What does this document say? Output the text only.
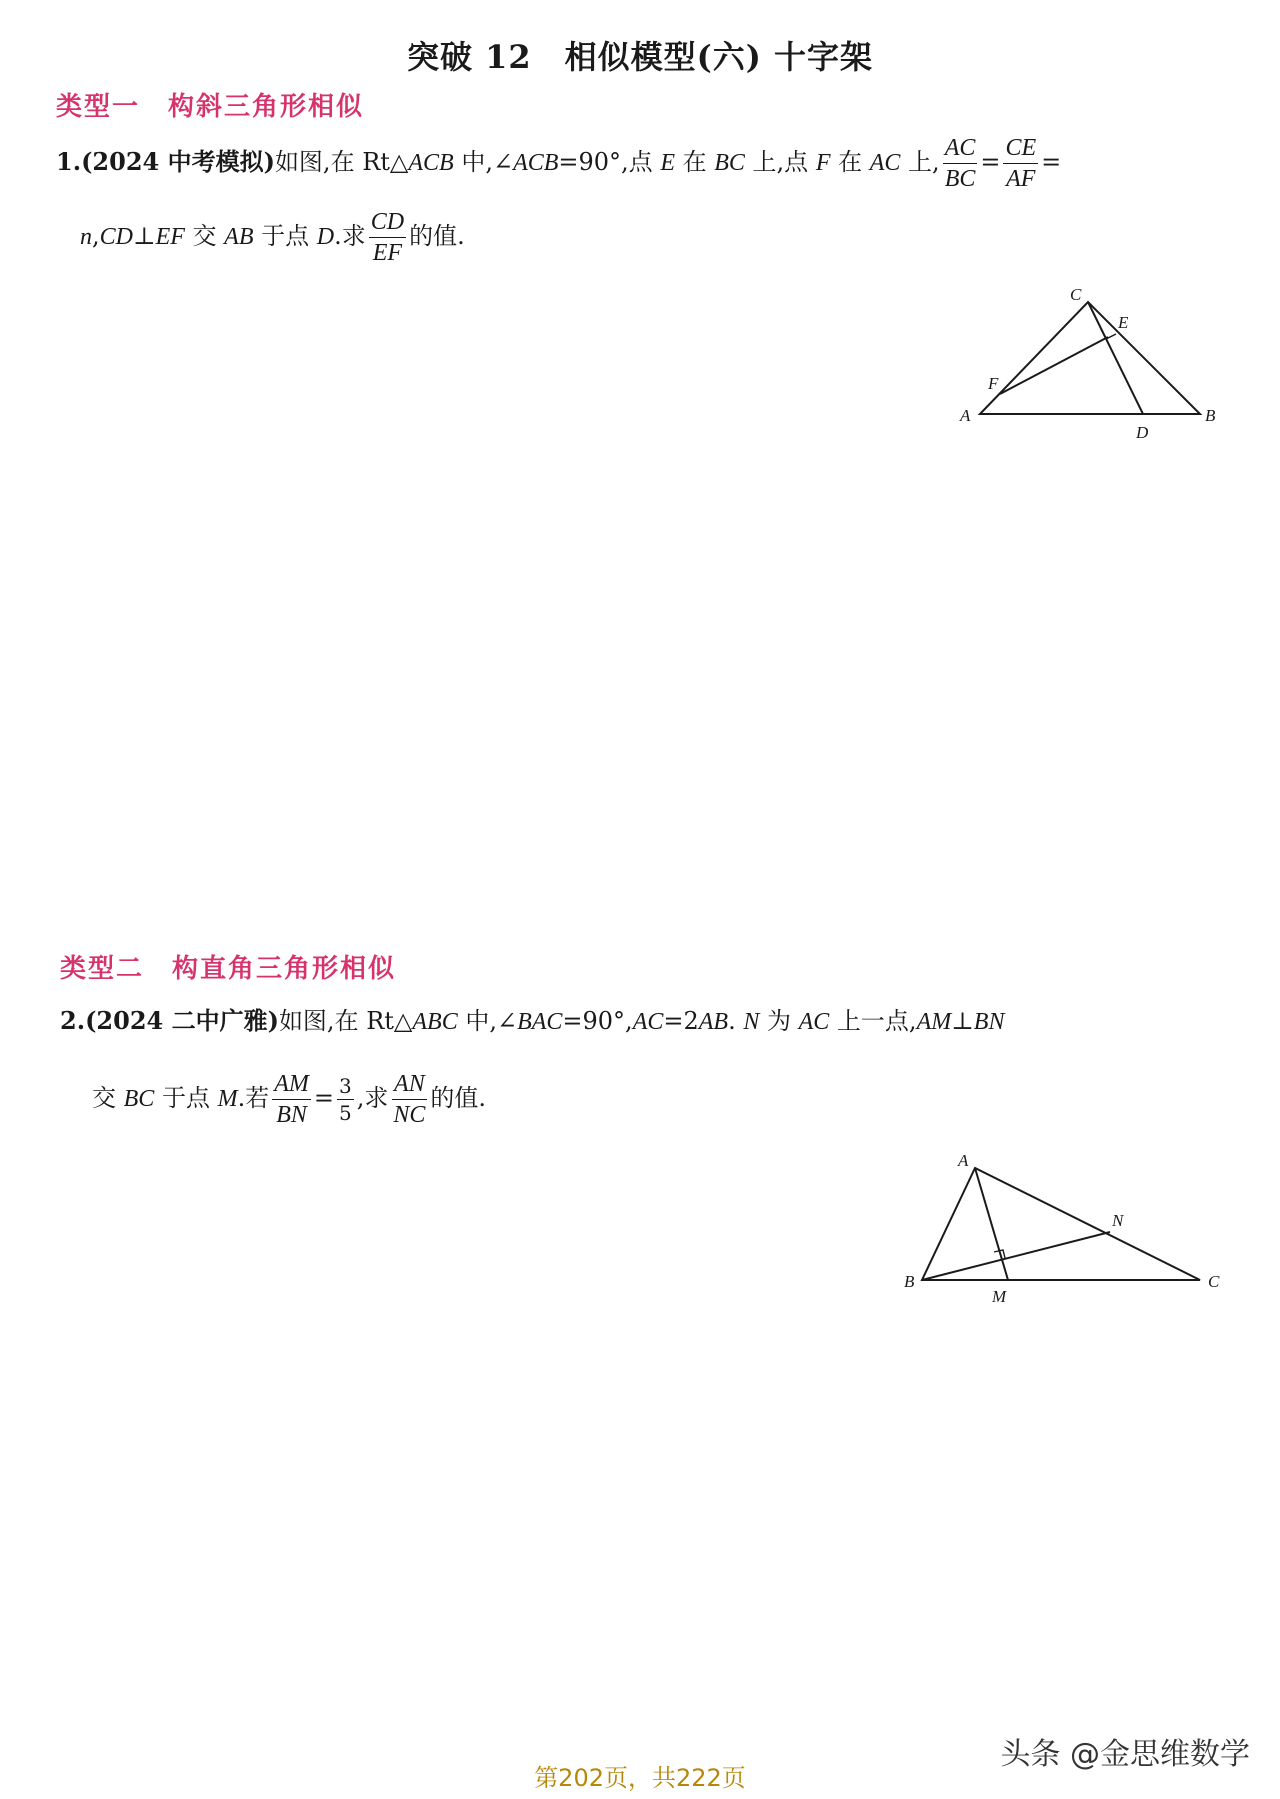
突破 12　相似模型(六) 十字架
类型一 构斜三角形相似
1.(2024 中考模拟)如图,在 Rt△ACB 中,∠ACB=90°,点 E 在 BC 上,点 F 在 AC 上, $\frac{AC}{BC} = \frac{CE}{AF}$ =
n,CD⊥EF 交 AB 于点 D.求 $\frac{CD}{EF}$ 的值.
C
E
F
A	B
D
类型二 构直角三角形相似
2.(2024 二中广雅)如图,在 Rt△ABC 中,∠BAC=90°,AC=2AB. N 为 AC 上一点,AM⊥BN
交 BC 于点 M.若 $\frac{AM}{BN} = \frac{3}{5}$ ,求 $\frac{AN}{NC}$ 的值.
A
N
B	C
M
头条 @金思维数学
第202页，共222页
